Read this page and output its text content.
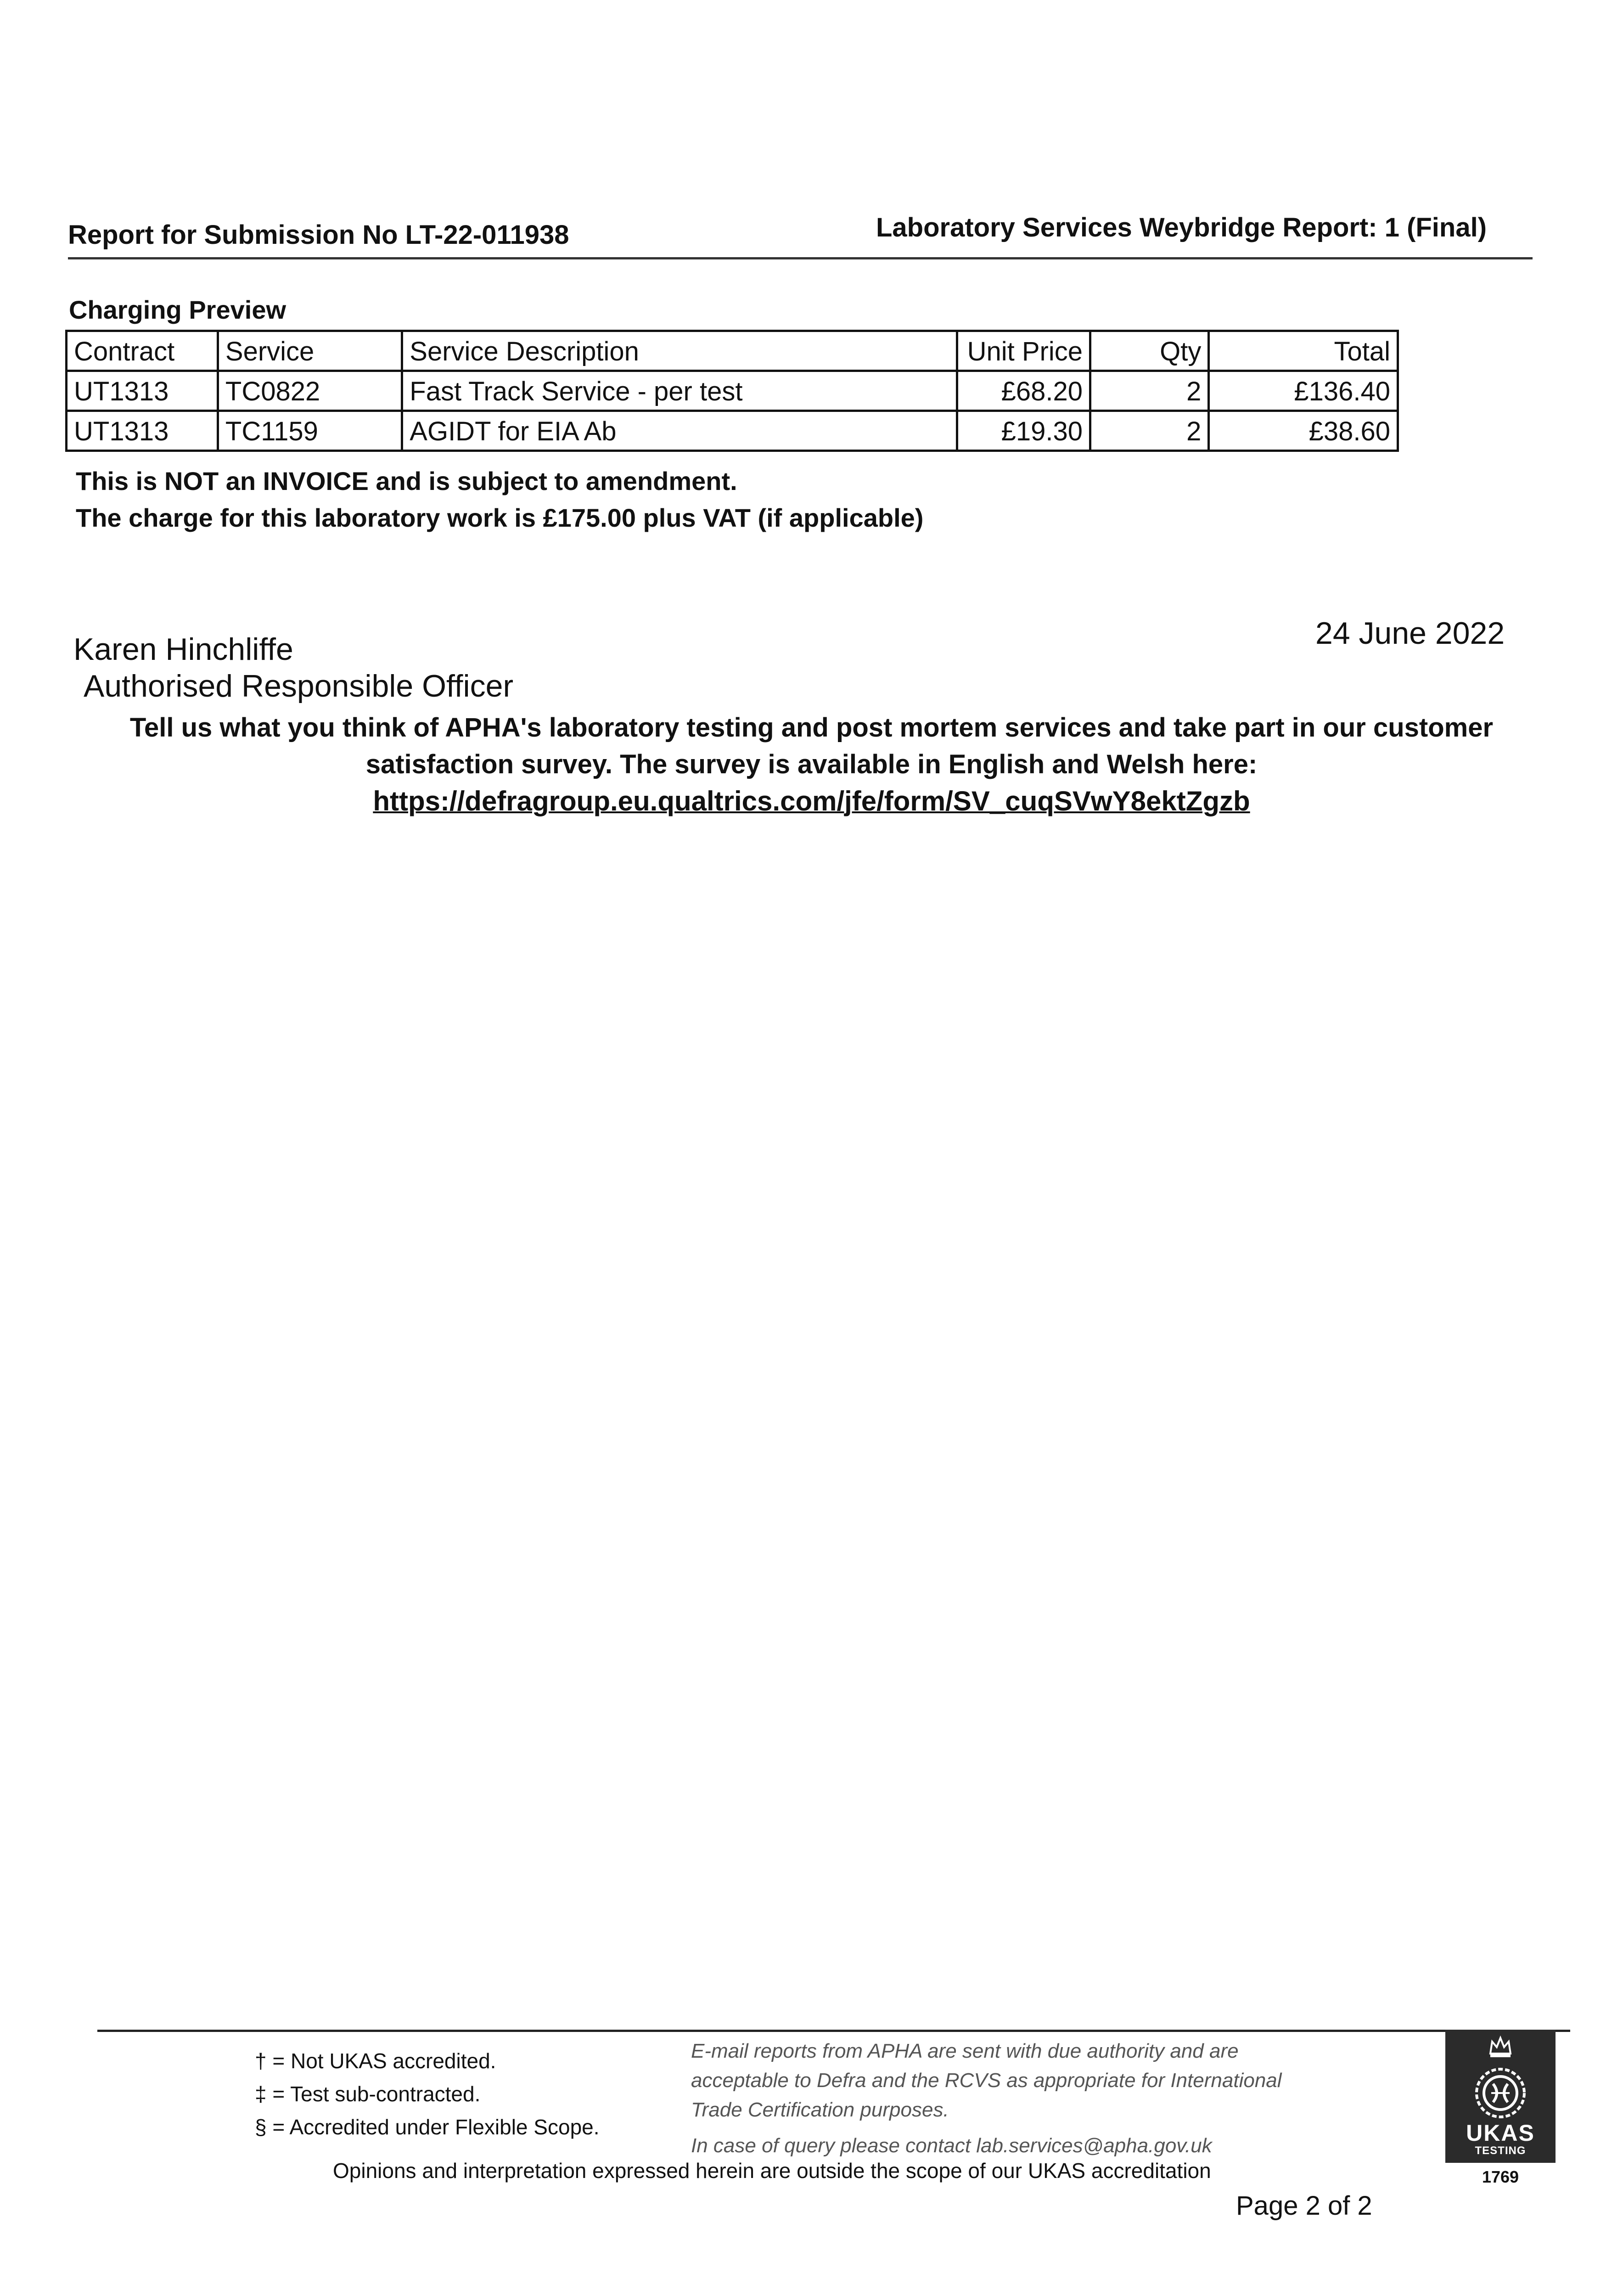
Report for Submission No LT-22-011938	Laboratory Services Weybridge Report: 1 (Final)
Charging Preview
Contract	Service	Service Description	Unit Price	Qty	Total
UT1313	TC0822	Fast Track Service - per test	£68.20	2	£136.40
UT1313	TC1159	AGIDT for EIA Ab	£19.30	2	£38.60
This is NOT an INVOICE and is subject to amendment.
The charge for this laboratory work is £175.00 plus VAT (if applicable)
Karen Hinchliffe
Authorised Responsible Officer
24 June 2022
Tell us what you think of APHA's laboratory testing and post mortem services and take part in our customer
satisfaction survey. The survey is available in English and Welsh here:
https://defragroup.eu.qualtrics.com/jfe/form/SV_cuqSVwY8ektZgzb
† = Not UKAS accredited.
‡ = Test sub-contracted.
§ = Accredited under Flexible Scope.
E-mail reports from APHA are sent with due authority and are
acceptable to Defra and the RCVS as appropriate for International
Trade Certification purposes.
In case of query please contact lab.services@apha.gov.uk
Opinions and interpretation expressed herein are outside the scope of our UKAS accreditation
Page 2 of 2
UKAS
TESTING
1769
